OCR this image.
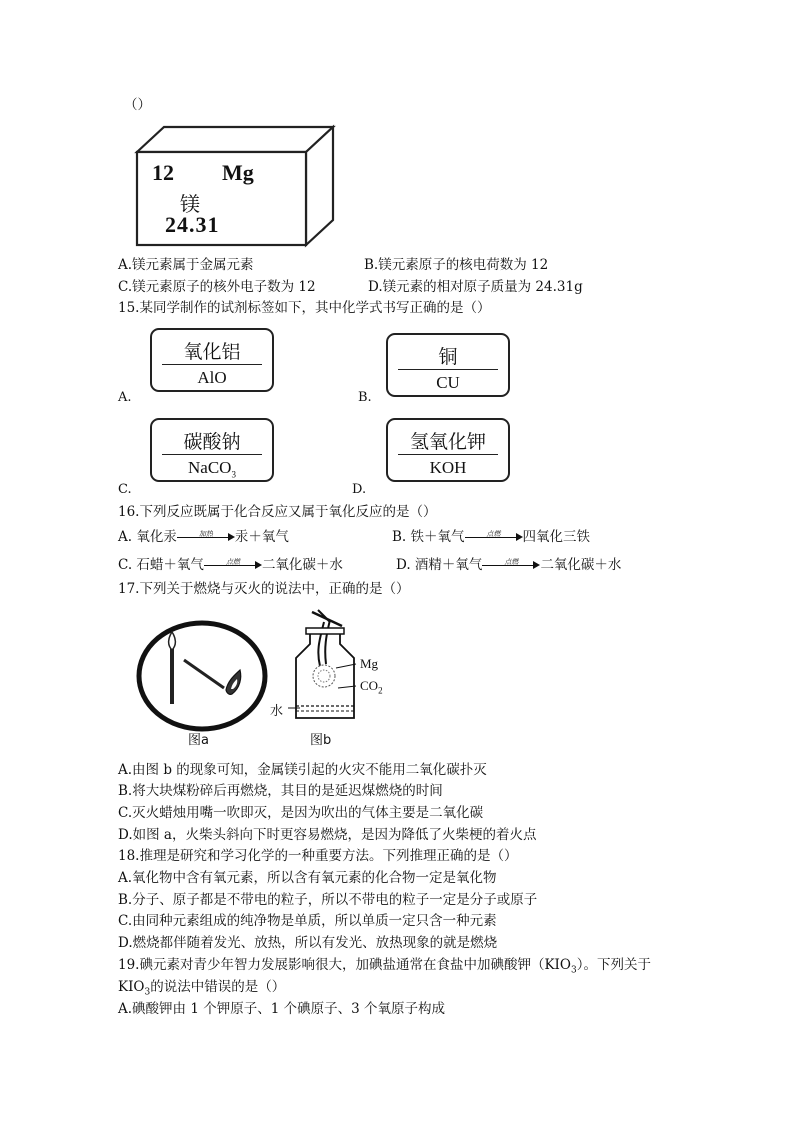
（）
12 Mg
镁
24.31
A.镁元素属于金属元素	B.镁元素原子的核电荷数为 12
C.镁元素原子的核外电子数为 12	D.镁元素的相对原子质量为 24.31g
15.某同学制作的试剂标签如下，其中化学式书写正确的是（）
氧化铝
AlO
A.
铜
CU
B.
碳酸钠
NaCO$_3$
C.
氢氧化钾
KOH
D.
16.下列反应既属于化合反应又属于氧化反应的是（）
A. 氧化汞	加热	汞＋氧气	B. 铁＋氧气	点燃	四氧化三铁
C. 石蜡＋氧气	点燃	二氧化碳＋水	D. 酒精＋氧气	点燃	二氧化碳＋水
17.下列关于燃烧与灭火的说法中，正确的是（）
图a
Mg
$CO_2$
水
图b
A.由图 b 的现象可知，金属镁引起的火灾不能用二氧化碳扑灭
B.将大块煤粉碎后再燃烧，其目的是延迟煤燃烧的时间
C.灭火蜡烛用嘴一吹即灭，是因为吹出的气体主要是二氧化碳
D.如图 a，火柴头斜向下时更容易燃烧，是因为降低了火柴梗的着火点
18.推理是研究和学习化学的一种重要方法。下列推理正确的是（）
A.氧化物中含有氧元素，所以含有氧元素的化合物一定是氧化物
B.分子、原子都是不带电的粒子，所以不带电的粒子一定是分子或原子
C.由同种元素组成的纯净物是单质，所以单质一定只含一种元素
D.燃烧都伴随着发光、放热，所以有发光、放热现象的就是燃烧
19.碘元素对青少年智力发展影响很大，加碘盐通常在食盐中加碘酸钾$(KIO_3)$。下列关于
$KIO_3$的说法中错误的是（）
A.碘酸钾由 1 个钾原子、1 个碘原子、3 个氧原子构成
